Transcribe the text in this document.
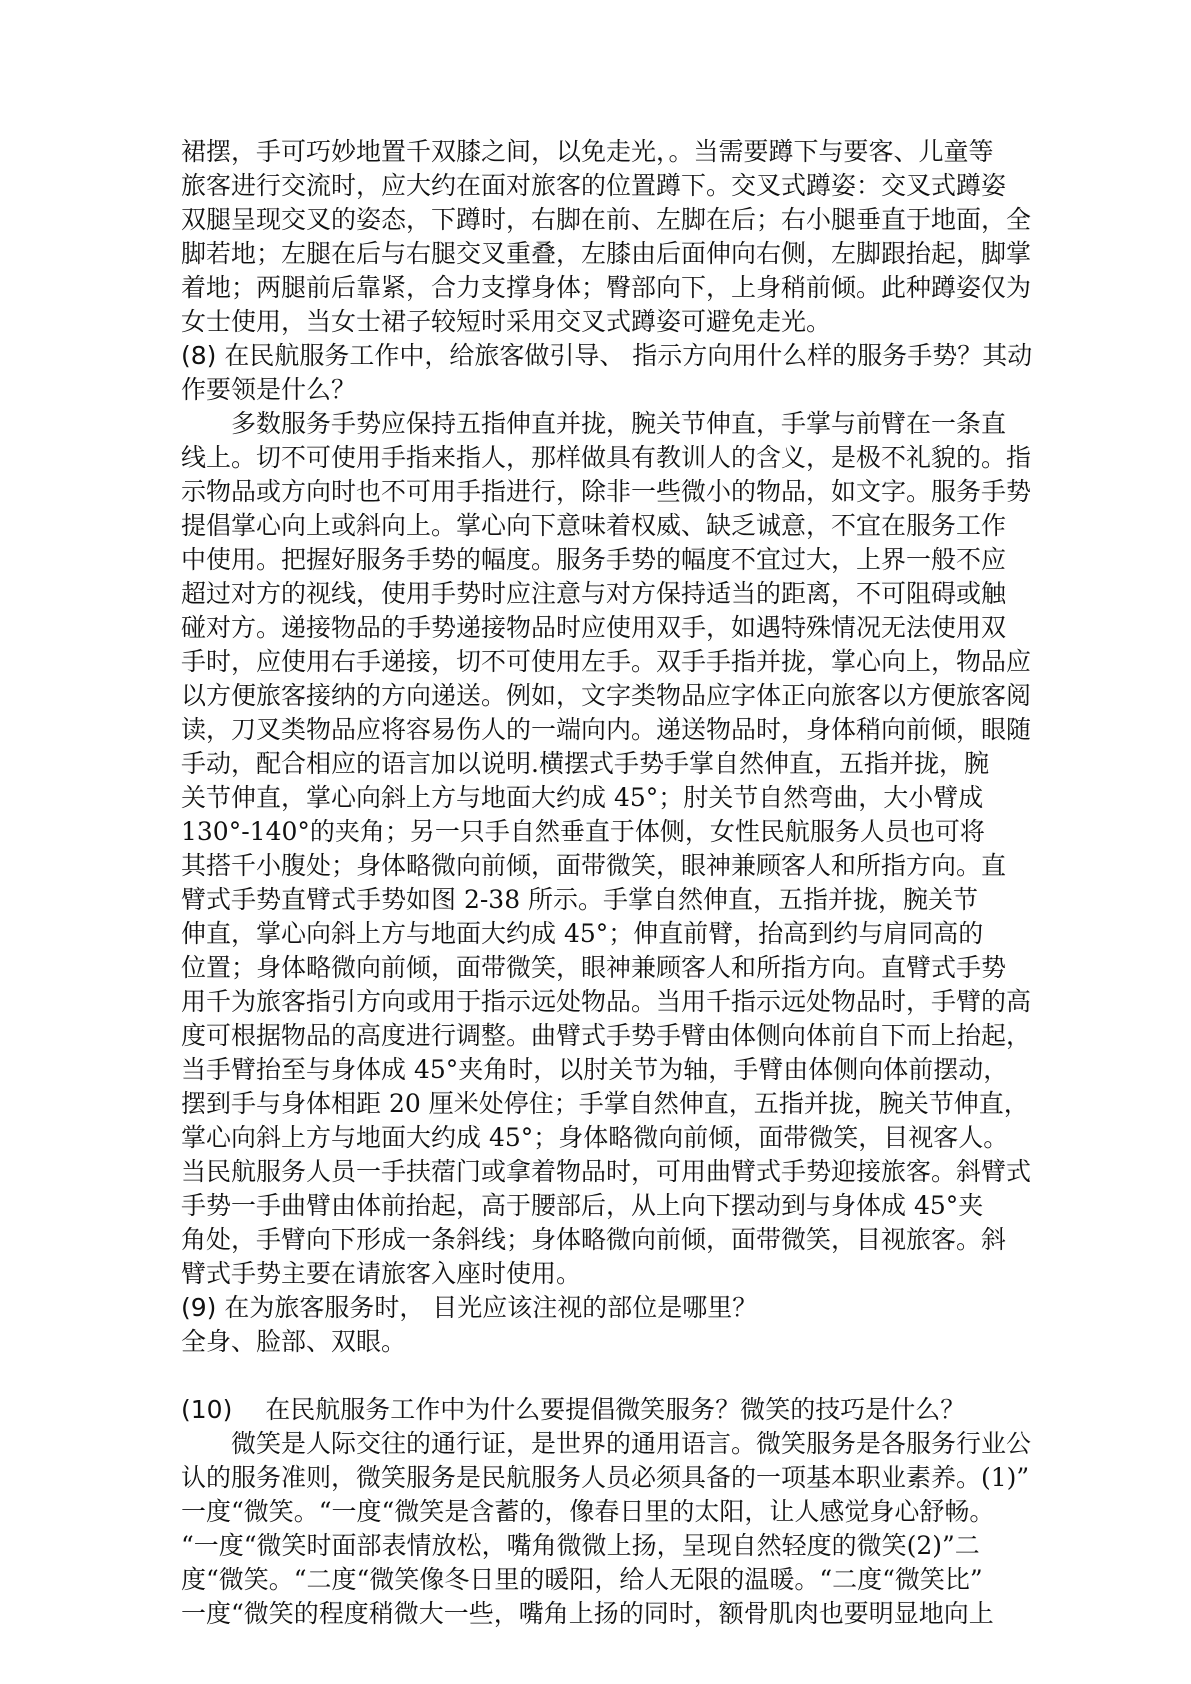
裙摆，手可巧妙地置千双膝之间，以免走光，。当需要蹲下与要客、儿童等
旅客进行交流时，应大约在面对旅客的位置蹲下。交叉式蹲姿：交叉式蹲姿
双腿呈现交叉的姿态，下蹲时，右脚在前、左脚在后；右小腿垂直于地面，全
脚若地；左腿在后与右腿交叉重叠，左膝由后面伸向右侧，左脚跟抬起，脚掌
着地；两腿前后靠紧，合力支撑身体；臀部向下，上身稍前倾。此种蹲姿仅为
女士使用，当女士裙子较短时采用交叉式蹲姿可避免走光。
(8) 在民航服务工作中，给旅客做引导、 指示方向用什么样的服务手势？其动
作要领是什么？
　　多数服务手势应保持五指伸直并拢，腕关节伸直，手掌与前臂在一条直
线上。切不可使用手指来指人，那样做具有教训人的含义，是极不礼貌的。指
示物品或方向时也不可用手指进行，除非一些微小的物品，如文字。服务手势
提倡掌心向上或斜向上。掌心向下意味着权威、缺乏诚意，不宜在服务工作
中使用。把握好服务手势的幅度。服务手势的幅度不宜过大，上界一般不应
超过对方的视线，使用手势时应注意与对方保持适当的距离，不可阻碍或触
碰对方。递接物品的手势递接物品时应使用双手，如遇特殊情况无法使用双
手时，应使用右手递接，切不可使用左手。双手手指并拢，掌心向上，物品应
以方便旅客接纳的方向递送。例如，文字类物品应字体正向旅客以方便旅客阅
读，刀叉类物品应将容易伤人的一端向内。递送物品时，身体稍向前倾，眼随
手动，配合相应的语言加以说明.横摆式手势手掌自然伸直，五指并拢，腕
关节伸直，掌心向斜上方与地面大约成 45°；肘关节自然弯曲，大小臂成
130°-140°的夹角；另一只手自然垂直于体侧，女性民航服务人员也可将
其搭千小腹处；身体略微向前倾，面带微笑，眼神兼顾客人和所指方向。直
臂式手势直臂式手势如图 2-38 所示。手掌自然伸直，五指并拢，腕关节
伸直，掌心向斜上方与地面大约成 45°；伸直前臂，抬高到约与肩同高的
位置；身体略微向前倾，面带微笑，眼神兼顾客人和所指方向。直臂式手势
用千为旅客指引方向或用于指示远处物品。当用千指示远处物品时，手臂的高
度可根据物品的高度进行调整。曲臂式手势手臂由体侧向体前自下而上抬起，
当手臂抬至与身体成 45°夹角时，以肘关节为轴，手臂由体侧向体前摆动，
摆到手与身体相距 20 厘米处停住；手掌自然伸直，五指并拢，腕关节伸直，
掌心向斜上方与地面大约成 45°；身体略微向前倾，面带微笑，目视客人。
当民航服务人员一手扶蓿门或拿着物品时，可用曲臂式手势迎接旅客。斜臂式
手势一手曲臂由体前抬起，高于腰部后，从上向下摆动到与身体成 45°夹
角处，手臂向下形成一条斜线；身体略微向前倾，面带微笑，目视旅客。斜
臂式手势主要在请旅客入座时使用。
(9) 在为旅客服务时， 目光应该注视的部位是哪里？
全身、脸部、双眼。
(10)　 在民航服务工作中为什么要提倡微笑服务？微笑的技巧是什么？
　　微笑是人际交往的通行证，是世界的通用语言。微笑服务是各服务行业公
认的服务准则，微笑服务是民航服务人员必须具备的一项基本职业素养。(1)”
一度“微笑。“一度“微笑是含蓄的，像春日里的太阳，让人感觉身心舒畅。
“一度“微笑时面部表情放松，嘴角微微上扬，呈现自然轻度的微笑(2)”二
度“微笑。“二度“微笑像冬日里的暖阳，给人无限的温暖。“二度“微笑比”
一度“微笑的程度稍微大一些，嘴角上扬的同时，额骨肌肉也要明显地向上
